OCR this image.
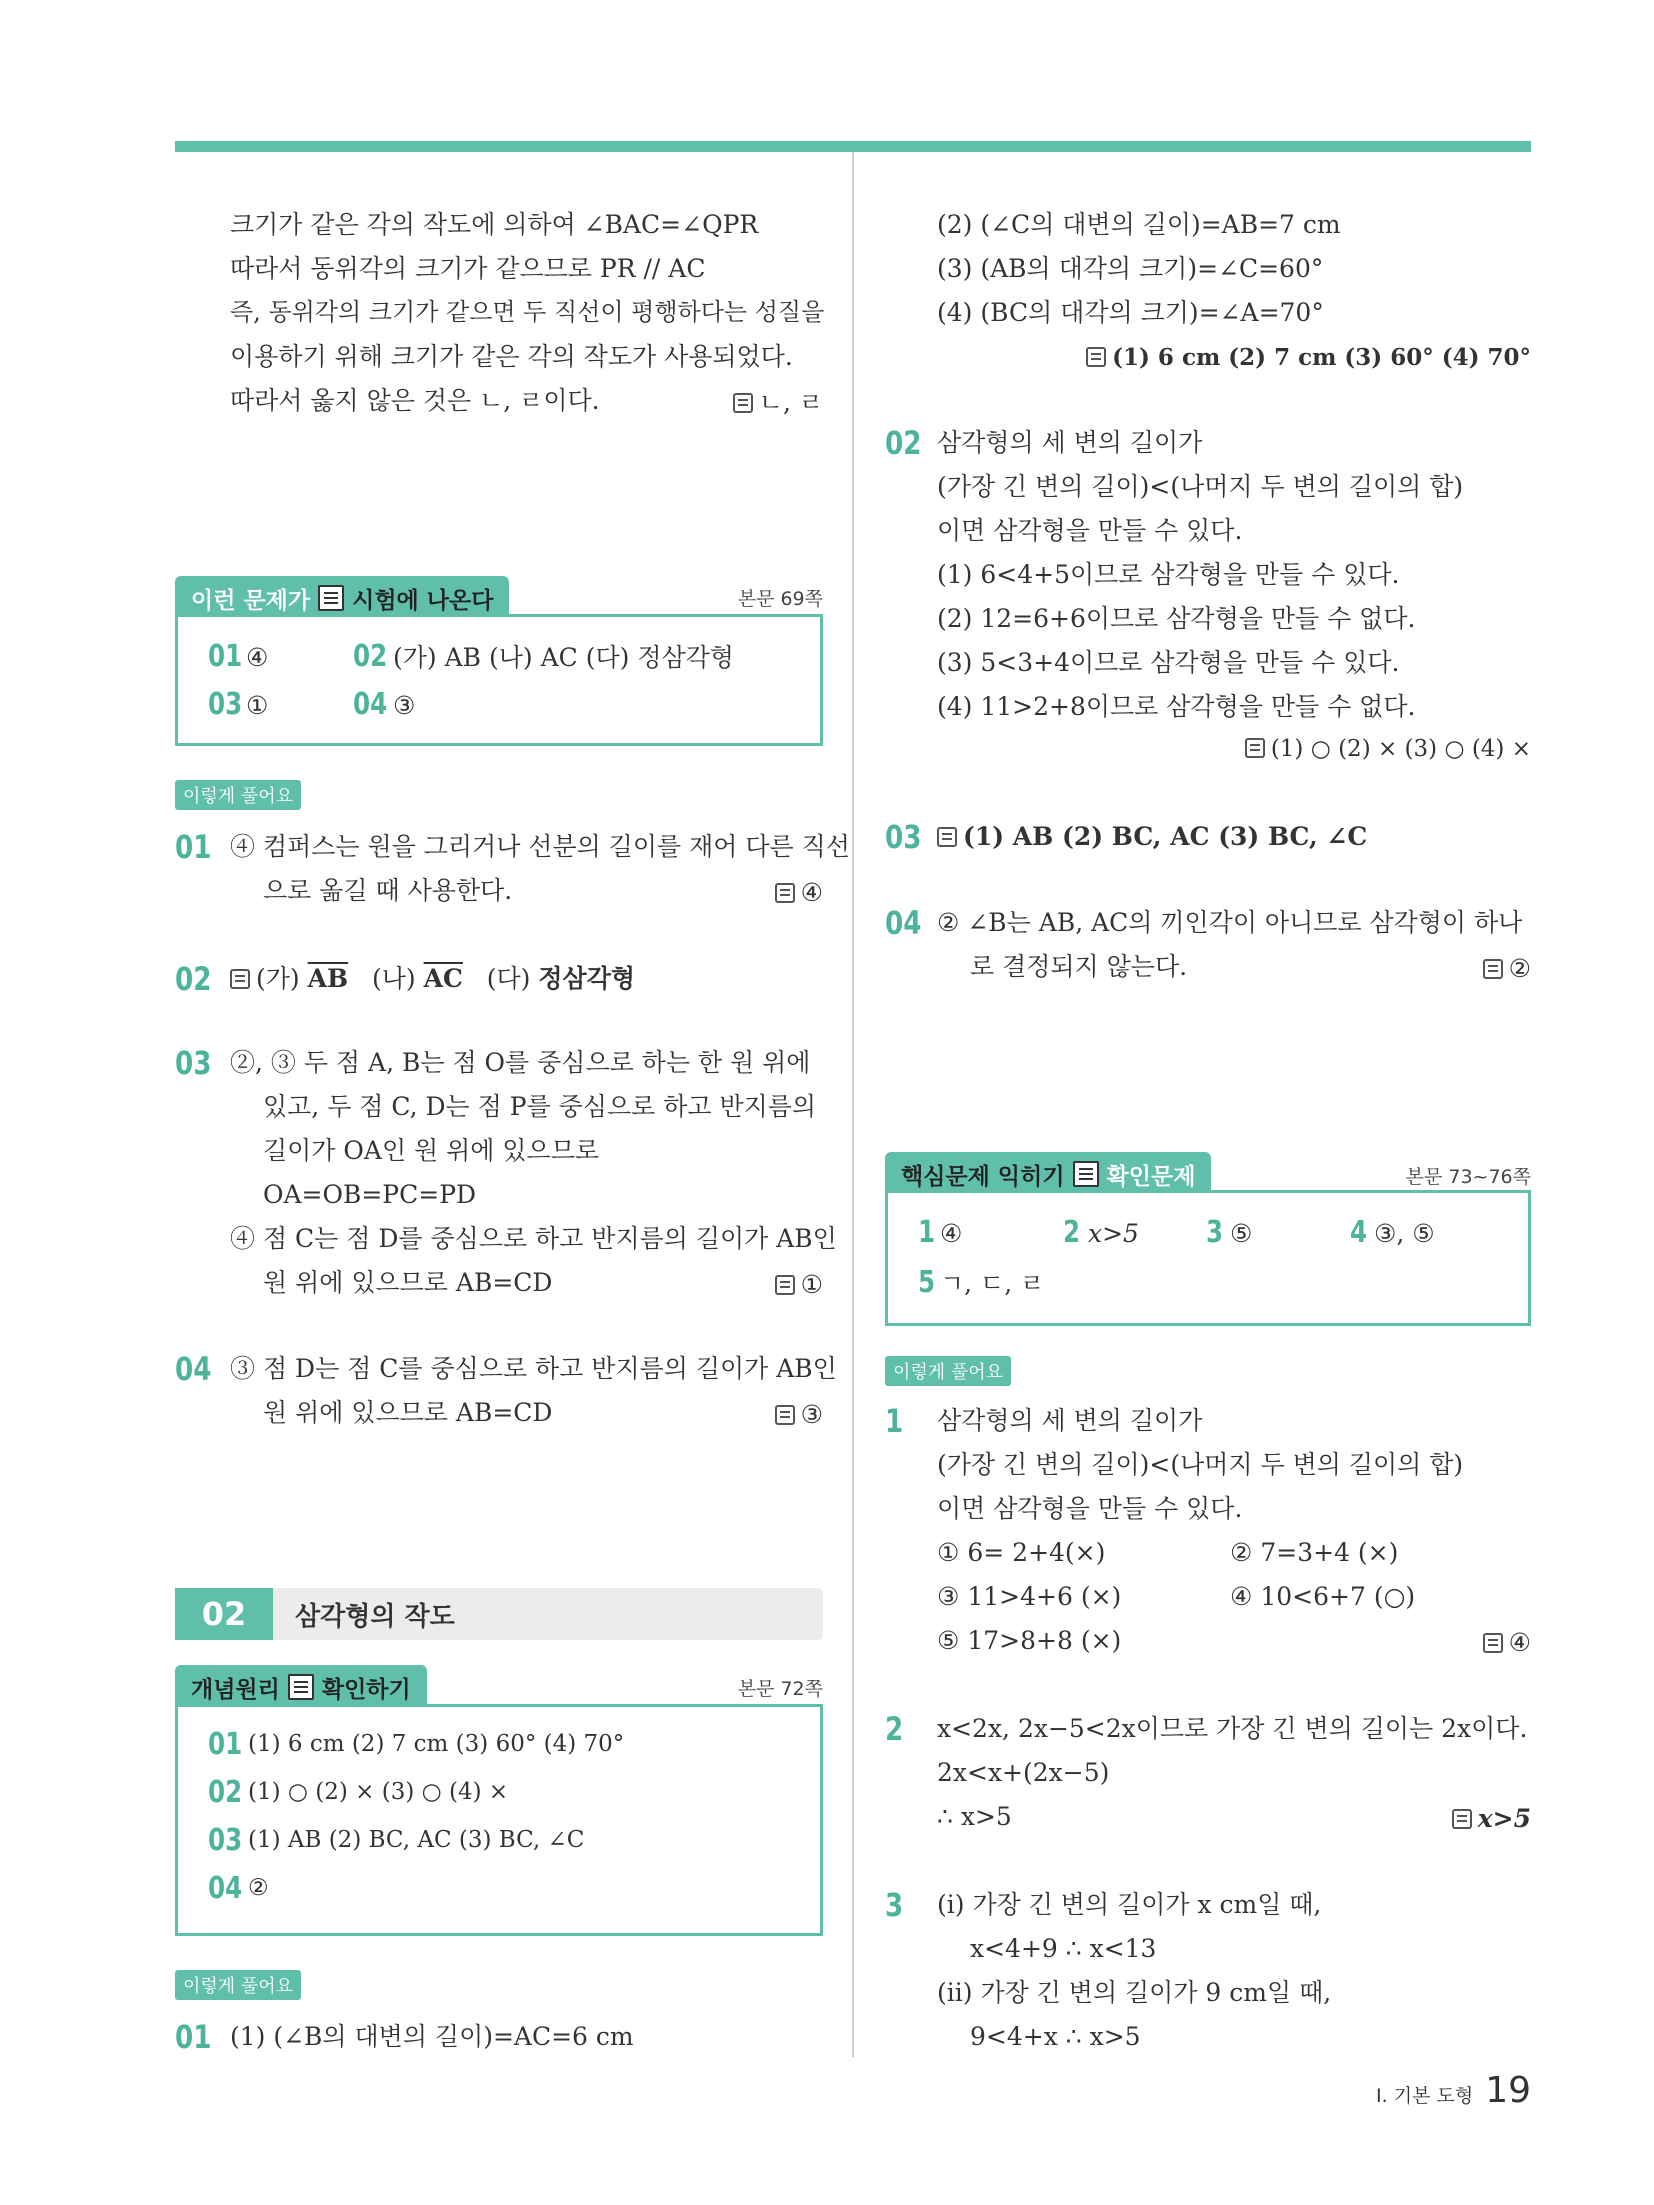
크기가 같은 각의 작도에 의하여 ∠BAC=∠QPR
따라서 동위각의 크기가 같으므로 PR // AC
즉, 동위각의 크기가 같으면 두 직선이 평행하다는 성질을
이용하기 위해 크기가 같은 각의 작도가 사용되었다.
따라서 옳지 않은 것은 ㄴ, ㄹ이다.	ㄴ, ㄹ
이런 문제가 시험에 나온다	본문 69쪽
01 ④	02 (가) AB (나) AC (다) 정삼각형
03 ①	04 ③
이렇게 풀어요
01 ④ 컴퍼스는 원을 그리거나 선분의 길이를 재어 다른 직선
으로 옮길 때 사용한다.	④
02	(가) $\overline{AB}$ (나) $\overline{AC}$ (다) 정삼각형
03 ②, ③ 두 점 A, B는 점 O를 중심으로 하는 한 원 위에
있고, 두 점 C, D는 점 P를 중심으로 하고 반지름의
길이가 OA인 원 위에 있으므로
OA=OB=PC=PD
④ 점 C는 점 D를 중심으로 하고 반지름의 길이가 AB인
원 위에 있으므로 AB=CD	①
04 ③ 점 D는 점 C를 중심으로 하고 반지름의 길이가 AB인
원 위에 있으므로 AB=CD	③
02	삼각형의 작도
개념원리 확인하기	본문 72쪽
01 (1) 6 cm (2) 7 cm (3) 60° (4) 70°
02 (1) ○ (2) × (3) ○ (4) ×
03 (1) AB (2) BC, AC (3) BC, ∠C
04 ②
이렇게 풀어요
01 (1) (∠B의 대변의 길이)=AC=6 cm
(2) (∠C의 대변의 길이)=AB=7 cm
(3) (AB의 대각의 크기)=∠C=60°
(4) (BC의 대각의 크기)=∠A=70°
(1) 6 cm (2) 7 cm (3) 60° (4) 70°
02 삼각형의 세 변의 길이가
(가장 긴 변의 길이)<(나머지 두 변의 길이의 합)
이면 삼각형을 만들 수 있다.
(1) 6<4+5이므로 삼각형을 만들 수 있다.
(2) 12=6+6이므로 삼각형을 만들 수 없다.
(3) 5<3+4이므로 삼각형을 만들 수 있다.
(4) 11>2+8이므로 삼각형을 만들 수 없다.
(1) ○ (2) × (3) ○ (4) ×
03	(1) AB (2) BC, AC (3) BC, ∠C
04 ② ∠B는 AB, AC의 끼인각이 아니므로 삼각형이 하나
로 결정되지 않는다.	②
핵심문제 익히기 확인문제	본문 73~76쪽
1 ④	2 x>5 3 ⑤	4 ③, ⑤
5 ㄱ, ㄷ, ㄹ
이렇게 풀어요
1 삼각형의 세 변의 길이가
(가장 긴 변의 길이)<(나머지 두 변의 길이의 합)
이면 삼각형을 만들 수 있다.
① 6= 2+4(×)	② 7=3+4 (×)
③ 11>4+6 (×)	④ 10<6+7 (○)
⑤ 17>8+8 (×)	④
2 x<2x, 2x−5<2x이므로 가장 긴 변의 길이는 2x이다.
2x<x+(2x−5)
∴ x>5	x>5
3 (ⅰ) 가장 긴 변의 길이가 x cm일 때,
x<4+9 ∴ x<13
(ⅱ) 가장 긴 변의 길이가 9 cm일 때,
9<4+x ∴ x>5
I. 기본 도형 19
